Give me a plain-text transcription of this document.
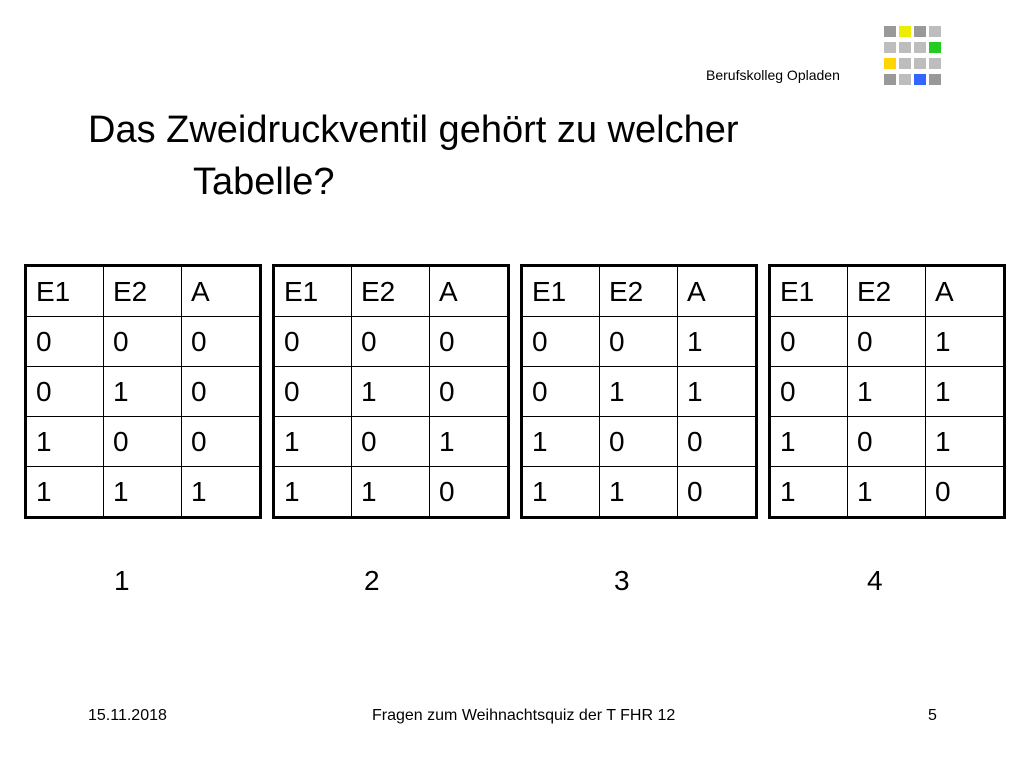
Berufskolleg Opladen
Das Zweidruckventil gehört zu welcher
Tabelle?
E1	E2	A
0	0	0
0	1	0
1	0	0
1	1	1
1
E1	E2	A
0	0	0
0	1	0
1	0	1
1	1	0
2
E1	E2	A
0	0	1
0	1	1
1	0	0
1	1	0
3
E1	E2	A
0	0	1
0	1	1
1	0	1
1	1	0
4
15.11.2018	Fragen zum Weihnachtsquiz der T FHR 12	5
